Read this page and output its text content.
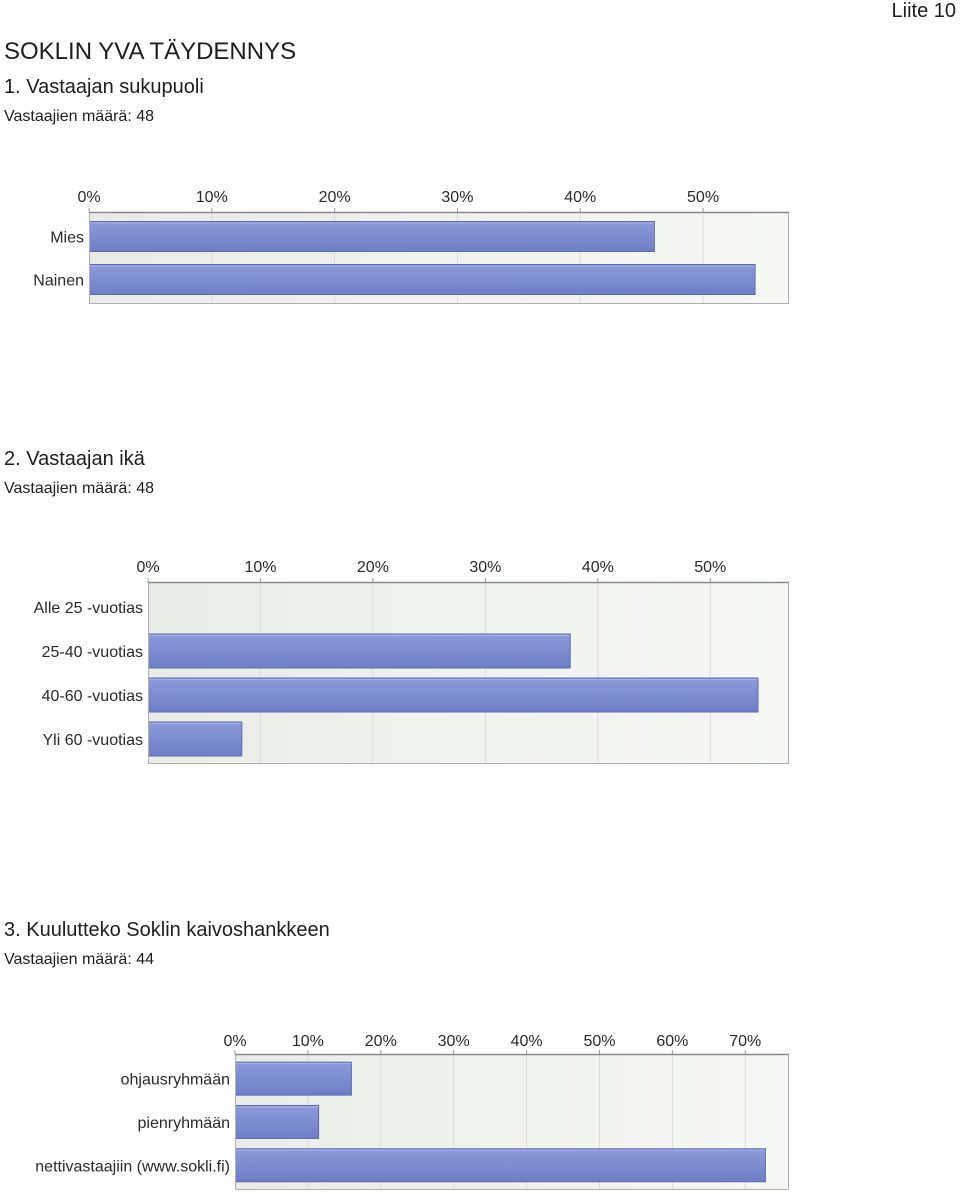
Liite 10
SOKLIN YVA TÄYDENNYS
1. Vastaajan sukupuoli
Vastaajien määrä: 48
0%	10%	20%	30%	40%	50%
Mies
Nainen
2. Vastaajan ikä
Vastaajien määrä: 48
0%	10%	20%	30%	40%	50%
Alle 25 -vuotias
25-40 -vuotias
40-60 -vuotias
Yli 60 -vuotias
3. Kuulutteko Soklin kaivoshankkeen
Vastaajien määrä: 44
0%	10%	20%	30%	40%	50%	60%	70%
ohjausryhmään
pienryhmään
nettivastaajiin (www.sokli.fi)
